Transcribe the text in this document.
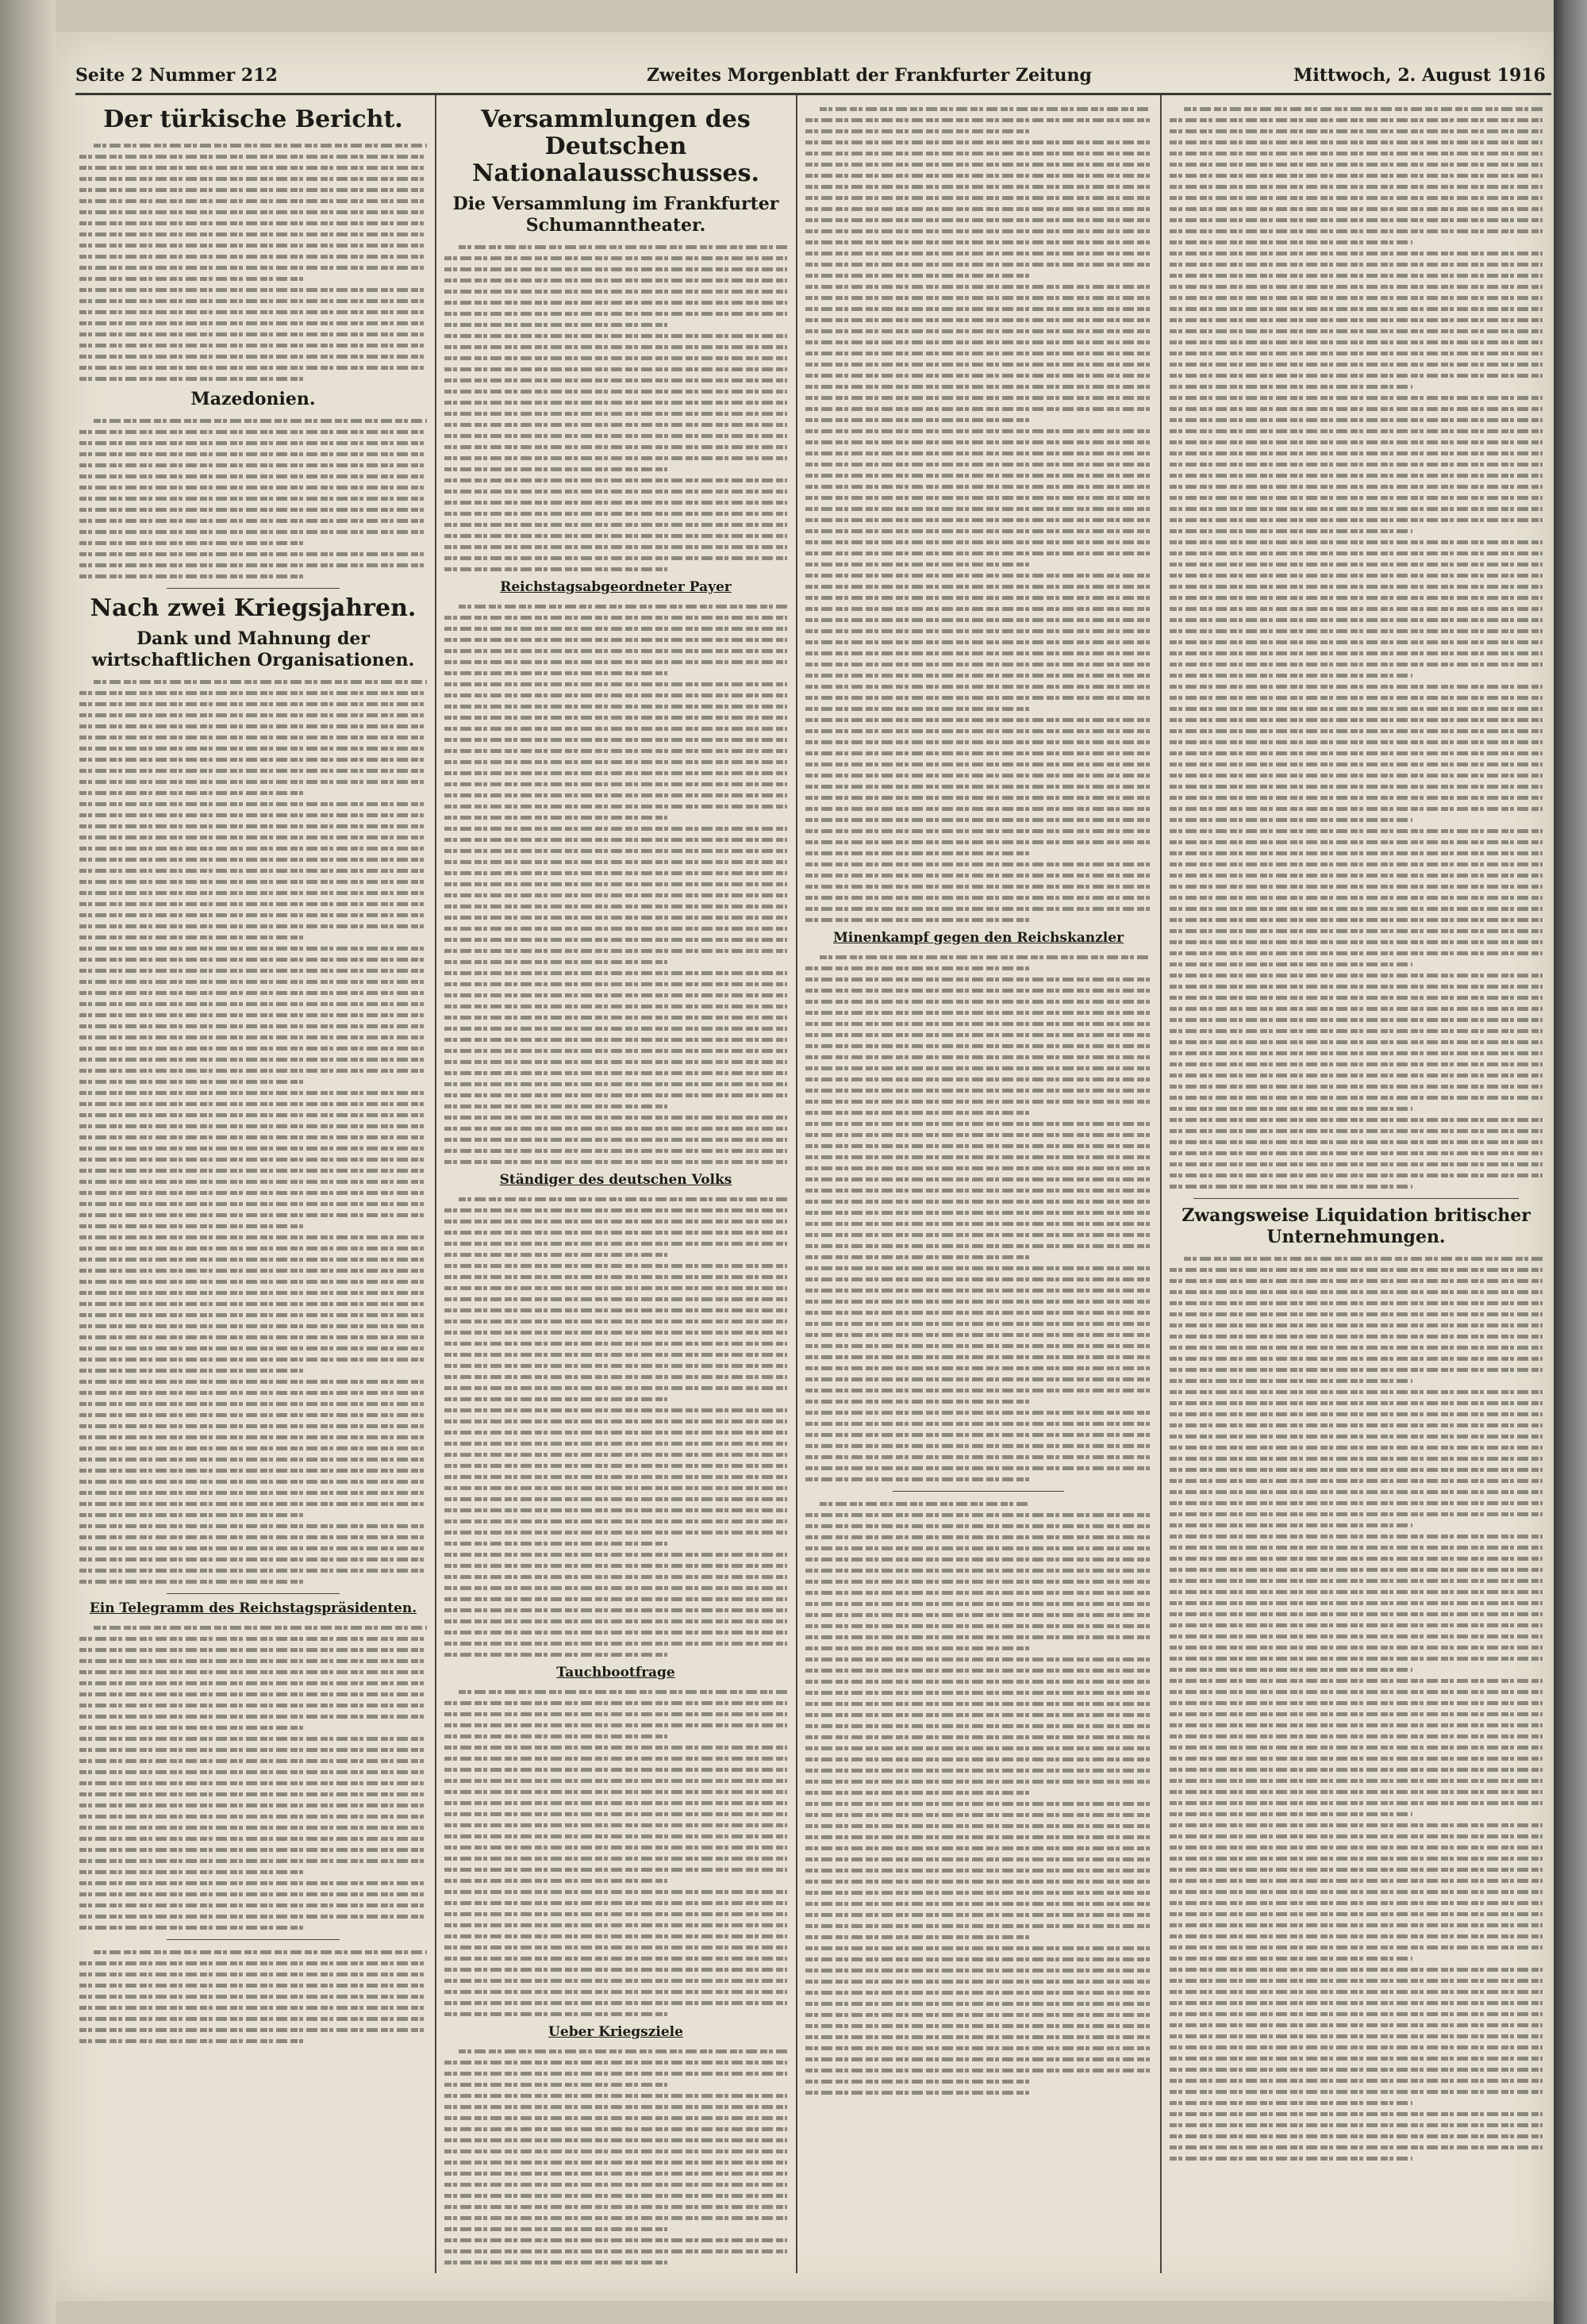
Seite 2 Nummer 212	Zweites Morgenblatt der Frankfurter Zeitung	Mittwoch, 2. August 1916
Der türkische Bericht.
Mazedonien.
Nach zwei Kriegsjahren.
Dank und Mahnung der wirtschaftlichen Organisationen.
Ein Telegramm des Reichstagspräsidenten.
Versammlungen des Deutschen Nationalausschusses.
Die Versammlung im Frankfurter Schumanntheater.
Reichstagsabgeordneter Payer
Ständiger des deutschen Volks
Tauchbootfrage
Ueber Kriegsziele
Minenkampf gegen den Reichskanzler
Zwangsweise Liquidation britischer Unternehmungen.
